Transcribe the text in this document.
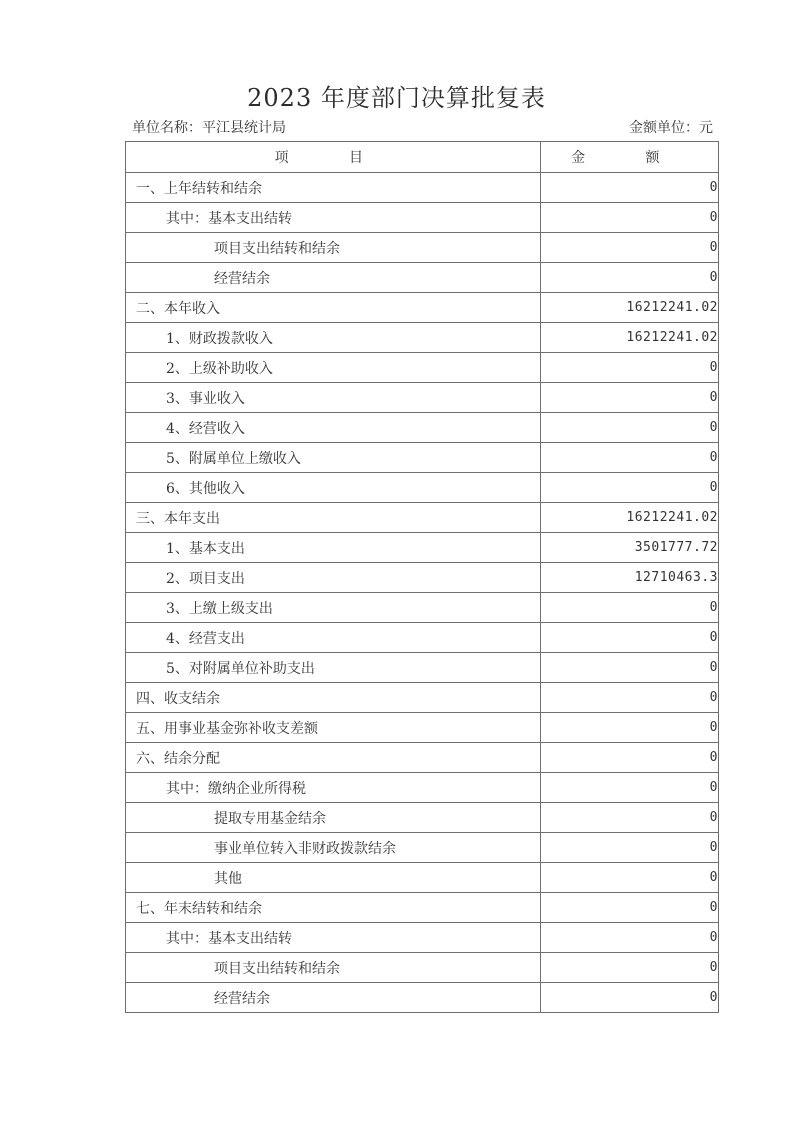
2023 年度部门决算批复表
单位名称：平江县统计局	金额单位：元
项 目	金 额
一、上年结转和结余	0
其中：基本支出结转	0
项目支出结转和结余	0
经营结余	0
二、本年收入	16212241.02
1、财政拨款收入	16212241.02
2、上级补助收入	0
3、事业收入	0
4、经营收入	0
5、附属单位上缴收入	0
6、其他收入	0
三、本年支出	16212241.02
1、基本支出	3501777.72
2、项目支出	12710463.3
3、上缴上级支出	0
4、经营支出	0
5、对附属单位补助支出	0
四、收支结余	0
五、用事业基金弥补收支差额	0
六、结余分配	0
其中：缴纳企业所得税	0
提取专用基金结余	0
事业单位转入非财政拨款结余	0
其他	0
七、年末结转和结余	0
其中：基本支出结转	0
项目支出结转和结余	0
经营结余	0
